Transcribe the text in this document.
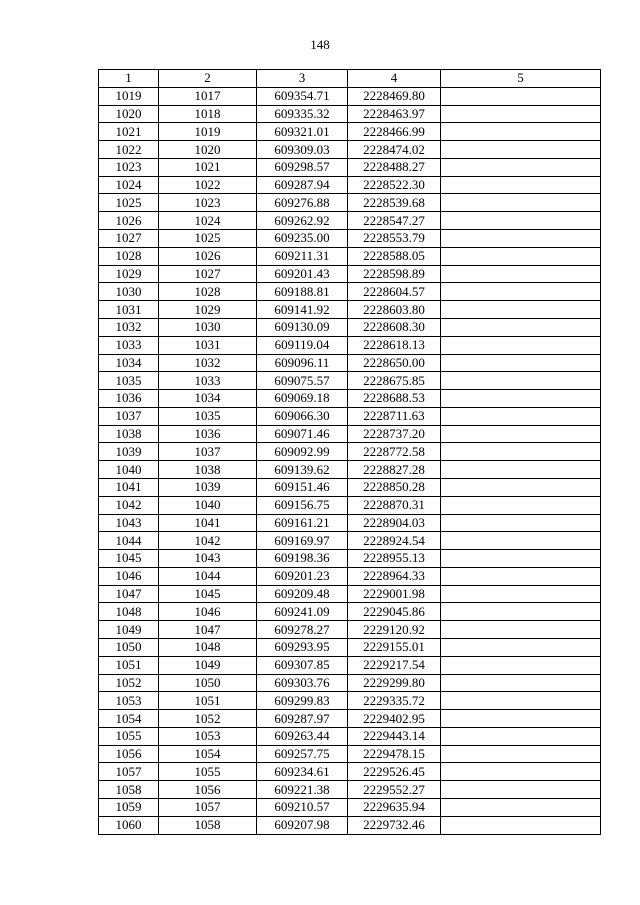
148
1	2	3	4	5
1019	1017	609354.71	2228469.80	
1020	1018	609335.32	2228463.97	
1021	1019	609321.01	2228466.99	
1022	1020	609309.03	2228474.02	
1023	1021	609298.57	2228488.27	
1024	1022	609287.94	2228522.30	
1025	1023	609276.88	2228539.68	
1026	1024	609262.92	2228547.27	
1027	1025	609235.00	2228553.79	
1028	1026	609211.31	2228588.05	
1029	1027	609201.43	2228598.89	
1030	1028	609188.81	2228604.57	
1031	1029	609141.92	2228603.80	
1032	1030	609130.09	2228608.30	
1033	1031	609119.04	2228618.13	
1034	1032	609096.11	2228650.00	
1035	1033	609075.57	2228675.85	
1036	1034	609069.18	2228688.53	
1037	1035	609066.30	2228711.63	
1038	1036	609071.46	2228737.20	
1039	1037	609092.99	2228772.58	
1040	1038	609139.62	2228827.28	
1041	1039	609151.46	2228850.28	
1042	1040	609156.75	2228870.31	
1043	1041	609161.21	2228904.03	
1044	1042	609169.97	2228924.54	
1045	1043	609198.36	2228955.13	
1046	1044	609201.23	2228964.33	
1047	1045	609209.48	2229001.98	
1048	1046	609241.09	2229045.86	
1049	1047	609278.27	2229120.92	
1050	1048	609293.95	2229155.01	
1051	1049	609307.85	2229217.54	
1052	1050	609303.76	2229299.80	
1053	1051	609299.83	2229335.72	
1054	1052	609287.97	2229402.95	
1055	1053	609263.44	2229443.14	
1056	1054	609257.75	2229478.15	
1057	1055	609234.61	2229526.45	
1058	1056	609221.38	2229552.27	
1059	1057	609210.57	2229635.94	
1060	1058	609207.98	2229732.46	
